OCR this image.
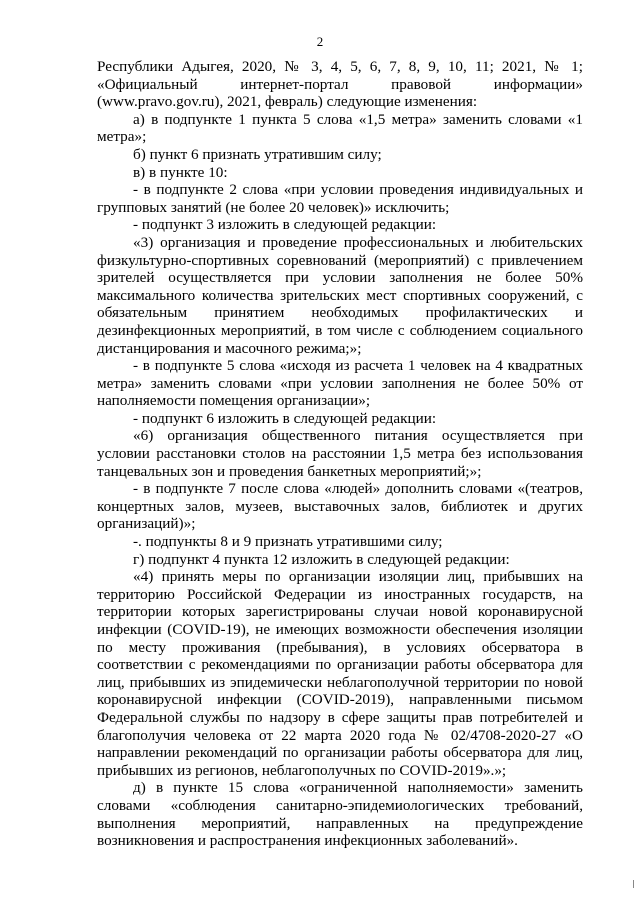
2

Республики Адыгея, 2020, № 3, 4, 5, 6, 7, 8, 9, 10, 11; 2021, № 1; «Официальный интернет-портал правовой информации» (www.pravo.gov.ru), 2021, февраль) следующие изменения:

а) в подпункте 1 пункта 5 слова «1,5 метра» заменить словами «1 метра»;

б) пункт 6 признать утратившим силу;

в) в пункте 10:

- в подпункте 2 слова «при условии проведения индивидуальных и групповых занятий (не более 20 человек)» исключить;

- подпункт 3 изложить в следующей редакции:

«3) организация и проведение профессиональных и любительских физкультурно-спортивных соревнований (мероприятий) с привлечением зрителей осуществляется при условии заполнения не более 50% максимального количества зрительских мест спортивных сооружений, с обязательным принятием необходимых профилактических и дезинфекционных мероприятий, в том числе с соблюдением социального дистанцирования и масочного режима;»;

- в подпункте 5 слова «исходя из расчета 1 человек на 4 квадратных метра» заменить словами «при условии заполнения не более 50% от наполняемости помещения организации»;

- подпункт 6 изложить в следующей редакции:

«6) организация общественного питания осуществляется при условии расстановки столов на расстоянии 1,5 метра без использования танцевальных зон и проведения банкетных мероприятий;»;

- в подпункте 7 после слова «людей» дополнить словами «(театров, концертных залов, музеев, выставочных залов, библиотек и других организаций)»;

-. подпункты 8 и 9 признать утратившими силу;

г) подпункт 4 пункта 12 изложить в следующей редакции:

«4) принять меры по организации изоляции лиц, прибывших на территорию Российской Федерации из иностранных государств, на территории которых зарегистрированы случаи новой коронавирусной инфекции (COVID-19), не имеющих возможности обеспечения изоляции по месту проживания (пребывания), в условиях обсерватора в соответствии с рекомендациями по организации работы обсерватора для лиц, прибывших из эпидемически неблагополучной территории по новой коронавирусной инфекции (COVID-2019), направленными письмом Федеральной службы по надзору в сфере защиты прав потребителей и благополучия человека от 22 марта 2020 года № 02/4708-2020-27 «О направлении рекомендаций по организации работы обсерватора для лиц, прибывших из регионов, неблагополучных по COVID-2019».»;

д) в пункте 15 слова «ограниченной наполняемости» заменить словами «соблюдения санитарно-эпидемиологических требований, выполнения мероприятий, направленных на предупреждение возникновения и распространения инфекционных заболеваний».
